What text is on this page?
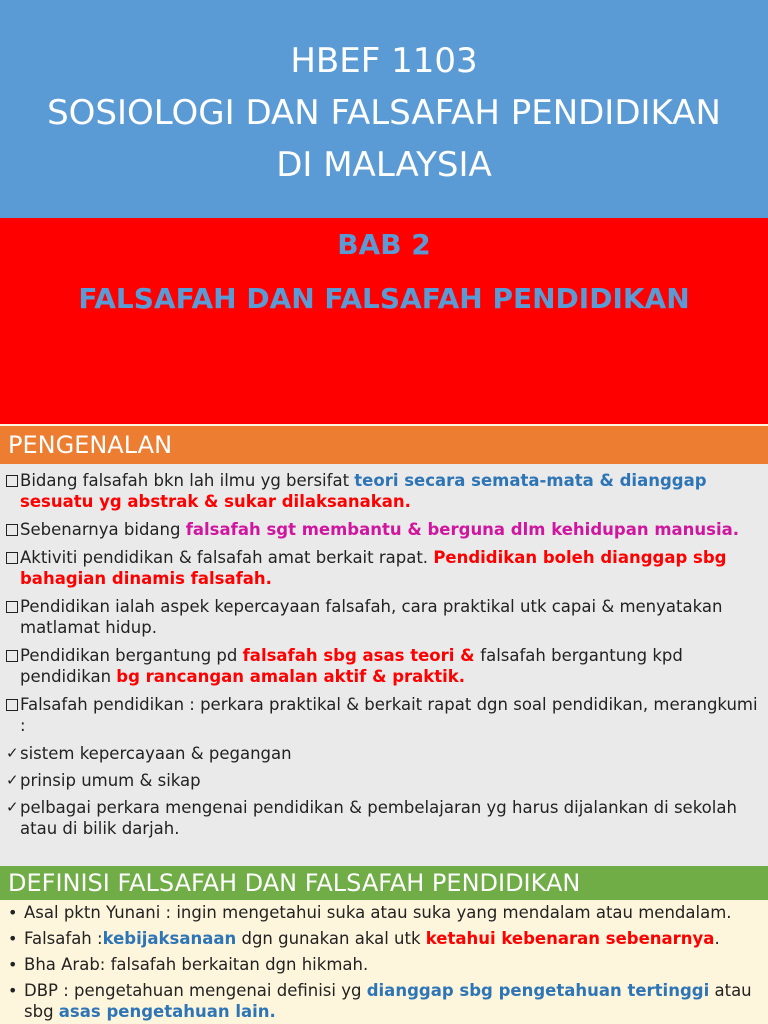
HBEF 1103
SOSIOLOGI DAN FALSAFAH PENDIDIKAN
DI MALAYSIA
BAB 2
FALSAFAH DAN FALSAFAH PENDIDIKAN
PENGENALAN
Bidang falsafah bkn lah ilmu yg bersifat teori secara semata-mata & dianggap sesuatu yg abstrak & sukar dilaksanakan.
Sebenarnya bidang falsafah sgt membantu & berguna dlm kehidupan manusia.
Aktiviti pendidikan & falsafah amat berkait rapat. Pendidikan boleh dianggap sbg bahagian dinamis falsafah.
Pendidikan ialah aspek kepercayaan falsafah, cara praktikal utk capai & menyatakan matlamat hidup.
Pendidikan bergantung pd falsafah sbg asas teori & falsafah bergantung kpd pendidikan bg rancangan amalan aktif & praktik.
Falsafah pendidikan : perkara praktikal & berkait rapat dgn soal pendidikan, merangkumi :
✓ sistem kepercayaan & pegangan
✓ prinsip umum & sikap
✓ pelbagai perkara mengenai pendidikan & pembelajaran yg harus dijalankan di sekolah atau di bilik darjah.
DEFINISI FALSAFAH DAN FALSAFAH PENDIDIKAN
• Asal pktn Yunani : ingin mengetahui suka atau suka yang mendalam atau mendalam.
• Falsafah :kebijaksanaan dgn gunakan akal utk ketahui kebenaran sebenarnya.
• Bha Arab: falsafah berkaitan dgn hikmah.
• DBP : pengetahuan mengenai definisi yg dianggap sbg pengetahuan tertinggi atau sbg asas pengetahuan lain.
